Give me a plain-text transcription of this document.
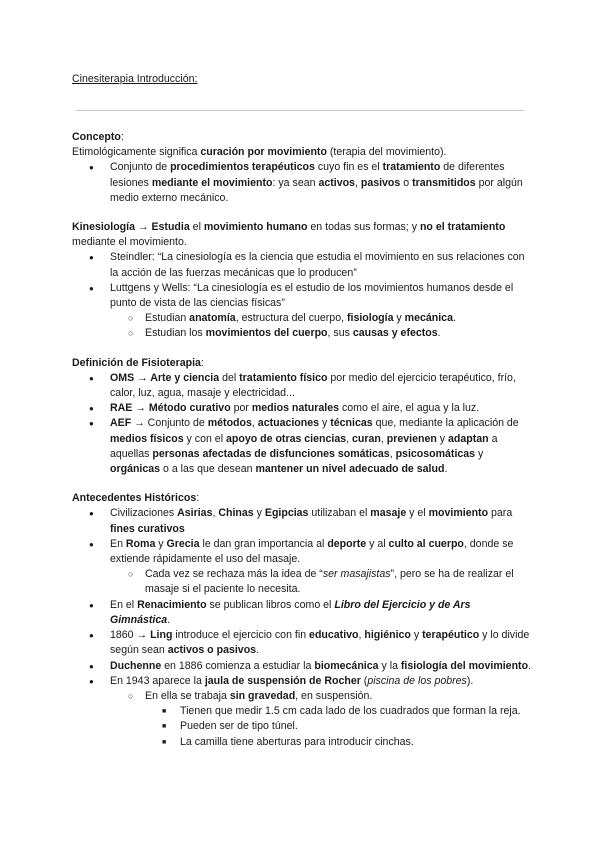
Cinesiterapia Introducción:

Concepto:

Etimológicamente significa curación por movimiento (terapia del movimiento).

● Conjunto de procedimientos terapéuticos cuyo fin es el tratamiento de diferentes lesiones mediante el movimiento: ya sean activos, pasivos o transmitidos por algún medio externo mecánico.

Kinesiología → Estudia el movimiento humano en todas sus formas; y no el tratamiento mediante el movimiento.

● Steindler: “La cinesiología es la ciencia que estudia el movimiento en sus relaciones con la acción de las fuerzas mecánicas que lo producen”
● Luttgens y Wells: “La cinesiología es el estudio de los movimientos humanos desde el punto de vista de las ciencias físicas”
○ Estudian anatomía, estructura del cuerpo, fisiología y mecánica.
○ Estudian los movimientos del cuerpo, sus causas y efectos.

Definición de Fisioterapia:

● OMS → Arte y ciencia del tratamiento físico por medio del ejercicio terapéutico, frío, calor, luz, agua, masaje y electricidad...
● RAE → Método curativo por medios naturales como el aire, el agua y la luz.
● AEF → Conjunto de métodos, actuaciones y técnicas que, mediante la aplicación de medios físicos y con el apoyo de otras ciencias, curan, previenen y adaptan a aquellas personas afectadas de disfunciones somáticas, psicosomáticas y orgánicas o a las que desean mantener un nivel adecuado de salud.

Antecedentes Históricos:

● Civilizaciones Asirias, Chinas y Egipcias utilizaban el masaje y el movimiento para fines curativos
● En Roma y Grecia le dan gran importancia al deporte y al culto al cuerpo, donde se extiende rápidamente el uso del masaje.
○ Cada vez se rechaza más la idea de “ser masajistas”, pero se ha de realizar el masaje si el paciente lo necesita.
● En el Renacimiento se publican libros como el Libro del Ejercicio y de Ars Gimnástica.
● 1860 → Ling introduce el ejercicio con fin educativo, higiénico y terapéutico y lo divide según sean activos o pasivos.
● Duchenne en 1886 comienza a estudiar la biomecánica y la fisiología del movimiento.
● En 1943 aparece la jaula de suspensión de Rocher (piscina de los pobres).
○ En ella se trabaja sin gravedad, en suspensión.
■ Tienen que medir 1.5 cm cada lado de los cuadrados que forman la reja.
■ Pueden ser de tipo túnel.
■ La camilla tiene aberturas para introducir cinchas.
